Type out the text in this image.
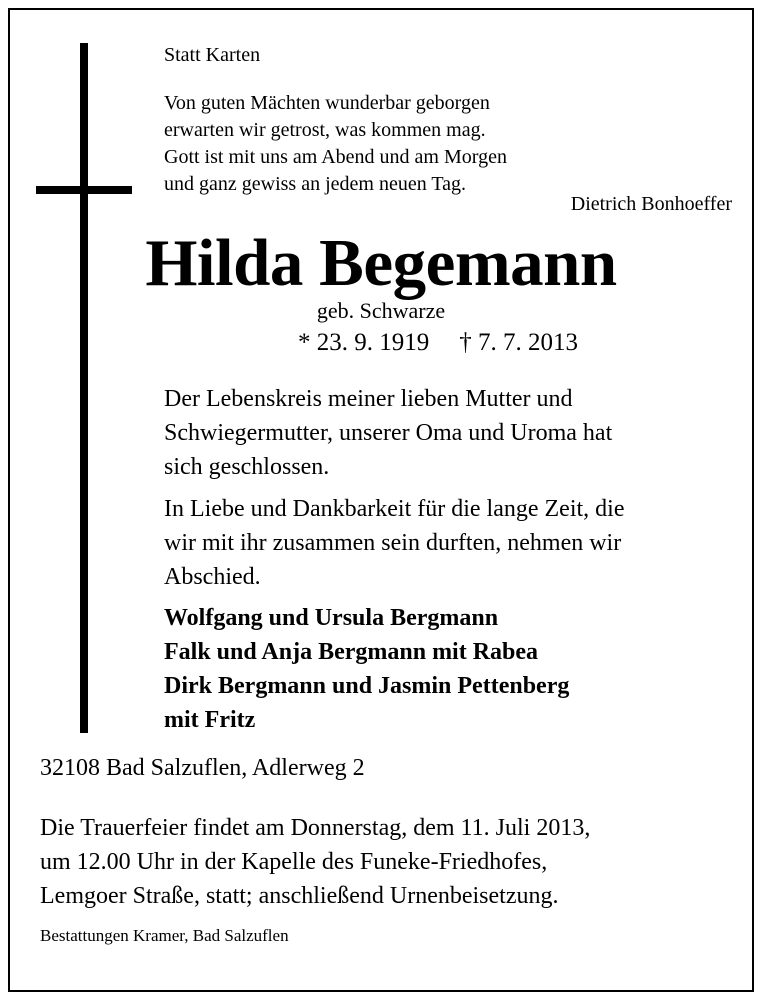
Statt Karten

Von guten Mächten wunderbar geborgen
erwarten wir getrost, was kommen mag.
Gott ist mit uns am Abend und am Morgen
und ganz gewiss an jedem neuen Tag.

Dietrich Bonhoeffer

Hilda Begemann

geb. Schwarze

* 23. 9. 1919 † 7. 7. 2013

Der Lebenskreis meiner lieben Mutter und
Schwiegermutter, unserer Oma und Uroma hat
sich geschlossen.
In Liebe und Dankbarkeit für die lange Zeit, die
wir mit ihr zusammen sein durften, nehmen wir
Abschied.
Wolfgang und Ursula Bergmann
Falk und Anja Bergmann mit Rabea
Dirk Bergmann und Jasmin Pettenberg
mit Fritz

32108 Bad Salzuflen, Adlerweg 2

Die Trauerfeier findet am Donnerstag, dem 11. Juli 2013,
um 12.00 Uhr in der Kapelle des Funeke-Friedhofes,
Lemgoer Straße, statt; anschließend Urnenbeisetzung.

Bestattungen Kramer, Bad Salzuflen
